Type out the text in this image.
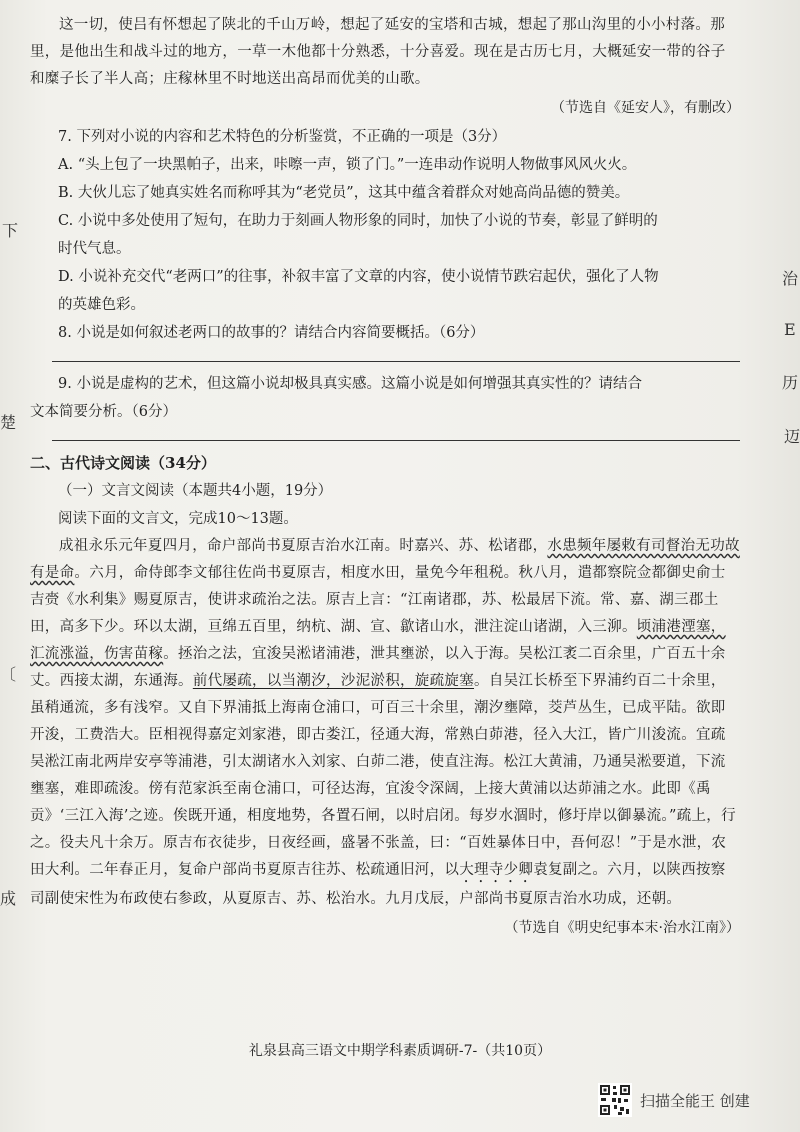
下
楚
〔
成
治
E
历
迈

这一切，使吕有怀想起了陕北的千山万岭，想起了延安的宝塔和古城，想起了那山沟里的小小村落。那里，是他出生和战斗过的地方，一草一木他都十分熟悉，十分喜爱。现在是古历七月，大概延安一带的谷子和糜子长了半人高；庄稼林里不时地送出高昂而优美的山歌。

（节选自《延安人》，有删改）

7. 下列对小说的内容和艺术特色的分析鉴赏，不正确的一项是（3分）

A. “头上包了一块黑帕子，出来，咔嚓一声，锁了门。”一连串动作说明人物做事风风火火。

B. 大伙儿忘了她真实姓名而称呼其为“老党员”，这其中蕴含着群众对她高尚品德的赞美。

C. 小说中多处使用了短句，在助力于刻画人物形象的同时，加快了小说的节奏，彰显了鲜明的

时代气息。

D. 小说补充交代“老两口”的往事，补叙丰富了文章的内容，使小说情节跌宕起伏，强化了人物

的英雄色彩。

8. 小说是如何叙述老两口的故事的？请结合内容简要概括。（6分）

9. 小说是虚构的艺术，但这篇小说却极具真实感。这篇小说是如何增强其真实性的？请结合

文本简要分析。（6分）

二、古代诗文阅读（34分）

（一）文言文阅读（本题共4小题，19分）

阅读下面的文言文，完成10～13题。

成祖永乐元年夏四月，命户部尚书夏原吉治水江南。时嘉兴、苏、松诸郡，水患频年屡敕有司督治无功故有是命。六月，命侍郎李文郁往佐尚书夏原吉，相度水田，量免今年租税。秋八月，遣都察院佥都御史俞士吉赍《水利集》赐夏原吉，使讲求疏治之法。原吉上言：“江南诸郡，苏、松最居下流。常、嘉、湖三郡土田，高多下少。环以太湖，亘绵五百里，纳杭、湖、宣、歙诸山水，泄注淀山诸湖，入三泖。顷浦港湮塞，汇流涨溢，伤害苗稼。拯治之法，宜浚吴淞诸浦港，泄其壅淤，以入于海。吴松江袤二百余里，广百五十余丈。西接太湖，东通海。前代屡疏，以当潮汐，沙泥淤积，旋疏旋塞。自吴江长桥至下界浦约百二十余里，虽稍通流，多有浅窄。又自下界浦抵上海南仓浦口，可百三十余里，潮汐壅障，茭芦丛生，已成平陆。欲即开浚，工费浩大。臣相视得嘉定刘家港，即古娄江，径通大海，常熟白茆港，径入大江，皆广川浚流。宜疏吴淞江南北两岸安亭等浦港，引太湖诸水入刘家、白茆二港，使直注海。松江大黄浦，乃通吴淞要道，下流壅塞，难即疏浚。傍有范家浜至南仓浦口，可径达海，宜浚令深阔，上接大黄浦以达茆浦之水。此即《禹贡》‘三江入海’之迹。俟既开通，相度地势，各置石闸，以时启闭。每岁水涸时，修圩岸以御暴流。”疏上，行之。役夫凡十余万。原吉布衣徒步，日夜经画，盛暑不张盖，曰：“百姓暴体日中，吾何忍！”于是水泄，农田大利。二年春正月，复命户部尚书夏原吉往苏、松疏通旧河，以大理寺少卿袁复副之。六月，以陕西按察司副使宋性为布政使右参政，从夏原吉、苏、松治水。九月戊辰，户部尚书夏原吉治水功成，还朝。

（节选自《明史纪事本末·治水江南》）

礼泉县高三语文中期学科素质调研-7-（共10页）
扫描全能王 创建
